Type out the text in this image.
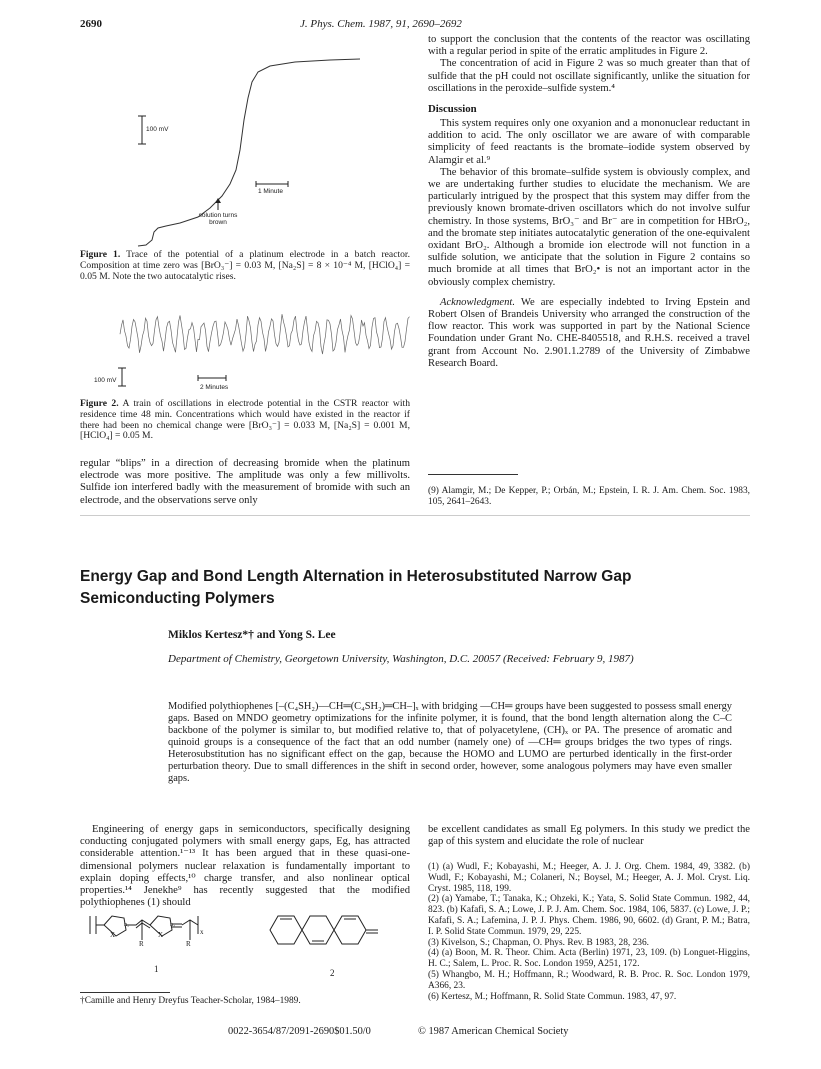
2690	J. Phys. Chem. 1987, 91, 2690–2692
100 mV
1 Minute
solution turns
brown
Figure 1. Trace of the potential of a platinum electrode in a batch reactor. Composition at time zero was [BrO₃⁻] = 0.03 M, [Na₂S] = 8 × 10⁻⁴ M, [HClO₄] = 0.05 M. Note the two autocatalytic rises.
100 mV
2 Minutes
Figure 2. A train of oscillations in electrode potential in the CSTR reactor with residence time 48 min. Concentrations which would have existed in the reactor if there had been no chemical change were [BrO₃⁻] = 0.033 M, [Na₂S] = 0.001 M, [HClO₄] = 0.05 M.
regular “blips” in a direction of decreasing bromide when the platinum electrode was more positive. The amplitude was only a few millivolts. Sulfide ion interfered badly with the measurement of bromide with such an electrode, and the observations serve only

to support the conclusion that the contents of the reactor was oscillating with a regular period in spite of the erratic amplitudes in Figure 2.

The concentration of acid in Figure 2 was so much greater than that of sulfide that the pH could not oscillate significantly, unlike the situation for oscillations in the peroxide–sulfide system.⁴

Discussion

This system requires only one oxyanion and a mononuclear reductant in addition to acid. The only oscillator we are aware of with comparable simplicity of feed reactants is the bromate–iodide system observed by Alamgir et al.⁹

The behavior of this bromate–sulfide system is obviously complex, and we are undertaking further studies to elucidate the mechanism. We are particularly intrigued by the prospect that this system may differ from the previously known bromate-driven oscillators which do not involve sulfur chemistry. In those systems, BrO₃⁻ and Br⁻ are in competition for HBrO₂, and the bromate step initiates autocatalytic generation of the one-equivalent oxidant BrO₂. Although a bromide ion electrode will not function in a sulfide solution, we anticipate that the solution in Figure 2 contains so much bromide at all times that BrO₂• is not an important actor in the obviously complex chemistry.

Acknowledgment. We are especially indebted to Irving Epstein and Robert Olsen of Brandeis University who arranged the construction of the flow reactor. This work was supported in part by the National Science Foundation under Grant No. CHE-8405518, and R.H.S. received a travel grant from Account No. 2.901.1.2789 of the University of Zimbabwe Research Board.

(9) Alamgir, M.; De Kepper, P.; Orbán, M.; Epstein, I. R. J. Am. Chem. Soc. 1983, 105, 2641–2643.
Energy Gap and Bond Length Alternation in Heterosubstituted Narrow Gap Semiconducting Polymers
Miklos Kertesz*† and Yong S. Lee
Department of Chemistry, Georgetown University, Washington, D.C. 20057 (Received: February 9, 1987)
Modified polythiophenes [–(C₄SH₂)—CH═(C₄SH₂)═CH–]ₓ with bridging —CH═ groups have been suggested to possess small energy gaps. Based on MNDO geometry optimizations for the infinite polymer, it is found, that the bond length alternation along the C–C backbone of the polymer is similar to, but modified relative to, that of polyacetylene, (CH)ₓ or PA. The presence of aromatic and quinoid groups is a consequence of the fact that an odd number (namely one) of —CH═ groups bridges the two types of rings. Heterosubstitution has no significant effect on the gap, because the HOMO and LUMO are perturbed identically in the first-order perturbation theory. Due to small differences in the shift in second order, however, some analogous polymers may have even smaller gaps.
Engineering of energy gaps in semiconductors, specifically designing conducting conjugated polymers with small energy gaps, Eg, has attracted considerable attention.¹⁻¹³ It has been argued that in these quasi-one-dimensional polymers nuclear relaxation is fundamentally important to explain doping effects,¹⁰ charge transfer, and also nonlinear optical properties.¹⁴ Jenekhe⁹ has recently suggested that the modified polythiophenes (1) should
be excellent candidates as small Eg polymers. In this study we predict the gap of this system and elucidate the role of nuclear
X	X
R	R
n₁	n₂
x
1	2
†Camille and Henry Dreyfus Teacher-Scholar, 1984–1989.

(1) (a) Wudl, F.; Kobayashi, M.; Heeger, A. J. J. Org. Chem. 1984, 49, 3382. (b) Wudl, F.; Kobayashi, M.; Colaneri, N.; Boysel, M.; Heeger, A. J. Mol. Cryst. Liq. Cryst. 1985, 118, 199.

(2) (a) Yamabe, T.; Tanaka, K.; Ohzeki, K.; Yata, S. Solid State Commun. 1982, 44, 823. (b) Kafafi, S. A.; Lowe, J. P. J. Am. Chem. Soc. 1984, 106, 5837. (c) Lowe, J. P.; Kafafi, S. A.; Lafemina, J. P. J. Phys. Chem. 1986, 90, 6602. (d) Grant, P. M.; Batra, I. P. Solid State Commun. 1979, 29, 225.

(3) Kivelson, S.; Chapman, O. Phys. Rev. B 1983, 28, 236.

(4) (a) Boon, M. R. Theor. Chim. Acta (Berlin) 1971, 23, 109. (b) Longuet-Higgins, H. C.; Salem, L. Proc. R. Soc. London 1959, A251, 172.

(5) Whangbo, M. H.; Hoffmann, R.; Woodward, R. B. Proc. R. Soc. London 1979, A366, 23.

(6) Kertesz, M.; Hoffmann, R. Solid State Commun. 1983, 47, 97.

0022-3654/87/2091-2690$01.50/0	© 1987 American Chemical Society
